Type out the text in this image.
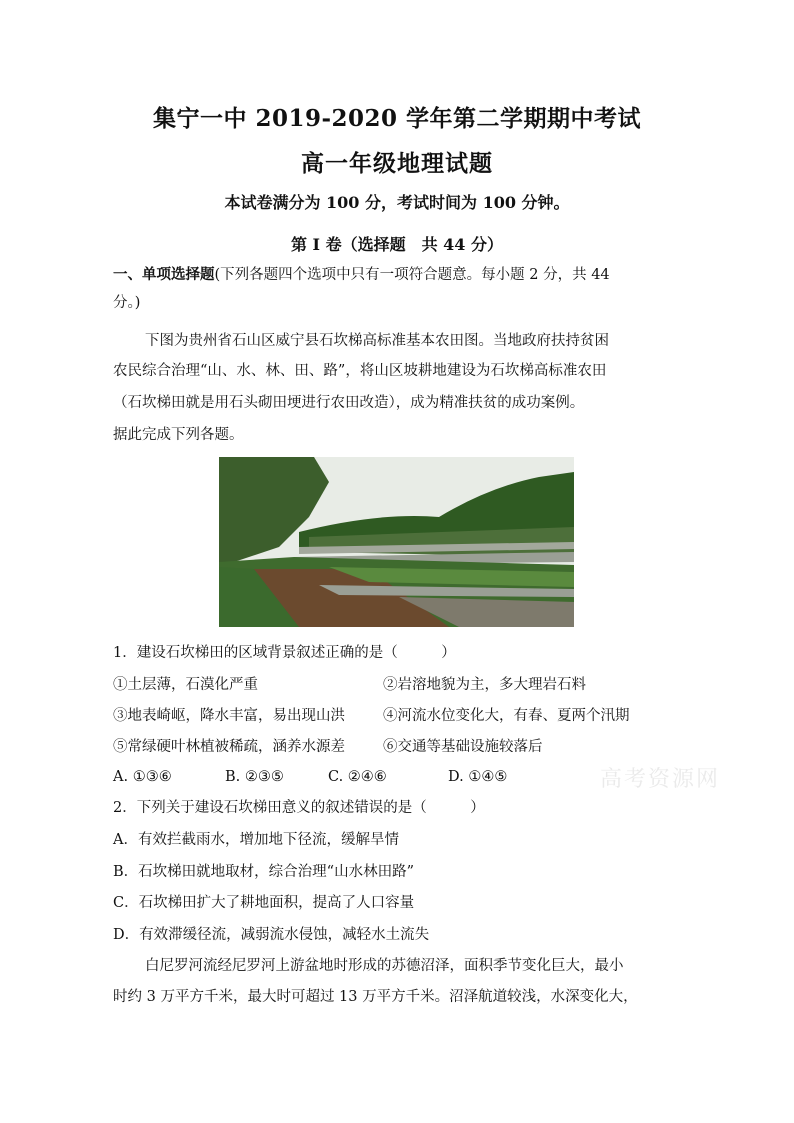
集宁一中 2019-2020 学年第二学期期中考试
高一年级地理试题
本试卷满分为 100 分，考试时间为 100 分钟。
第 I 卷（选择题　共 44 分）
一、单项选择题(下列各题四个选项中只有一项符合题意。每小题 2 分，共 44
分。)
下图为贵州省石山区威宁县石坎梯高标准基本农田图。当地政府扶持贫困
农民综合治理“山、水、林、田、路”，将山区坡耕地建设为石坎梯高标准农田
（石坎梯田就是用石头砌田埂进行农田改造），成为精准扶贫的成功案例。
据此完成下列各题。
1．建设石坎梯田的区域背景叙述正确的是（　　　）
①土层薄，石漠化严重	②岩溶地貌为主，多大理岩石料
③地表崎岖，降水丰富，易出现山洪	④河流水位变化大，有春、夏两个汛期
⑤常绿硬叶林植被稀疏，涵养水源差	⑥交通等基础设施较落后
A. ①③⑥	B. ②③⑤	C. ②④⑥	D. ①④⑤	高考资源网
2．下列关于建设石坎梯田意义的叙述错误的是（　　　）
A．有效拦截雨水，增加地下径流，缓解旱情
B．石坎梯田就地取材，综合治理“山水林田路”
C．石坎梯田扩大了耕地面积，提高了人口容量
D．有效滞缓径流，减弱流水侵蚀，减轻水土流失
白尼罗河流经尼罗河上游盆地时形成的苏德沼泽，面积季节变化巨大，最小
时约 3 万平方千米，最大时可超过 13 万平方千米。沼泽航道较浅，水深变化大，
